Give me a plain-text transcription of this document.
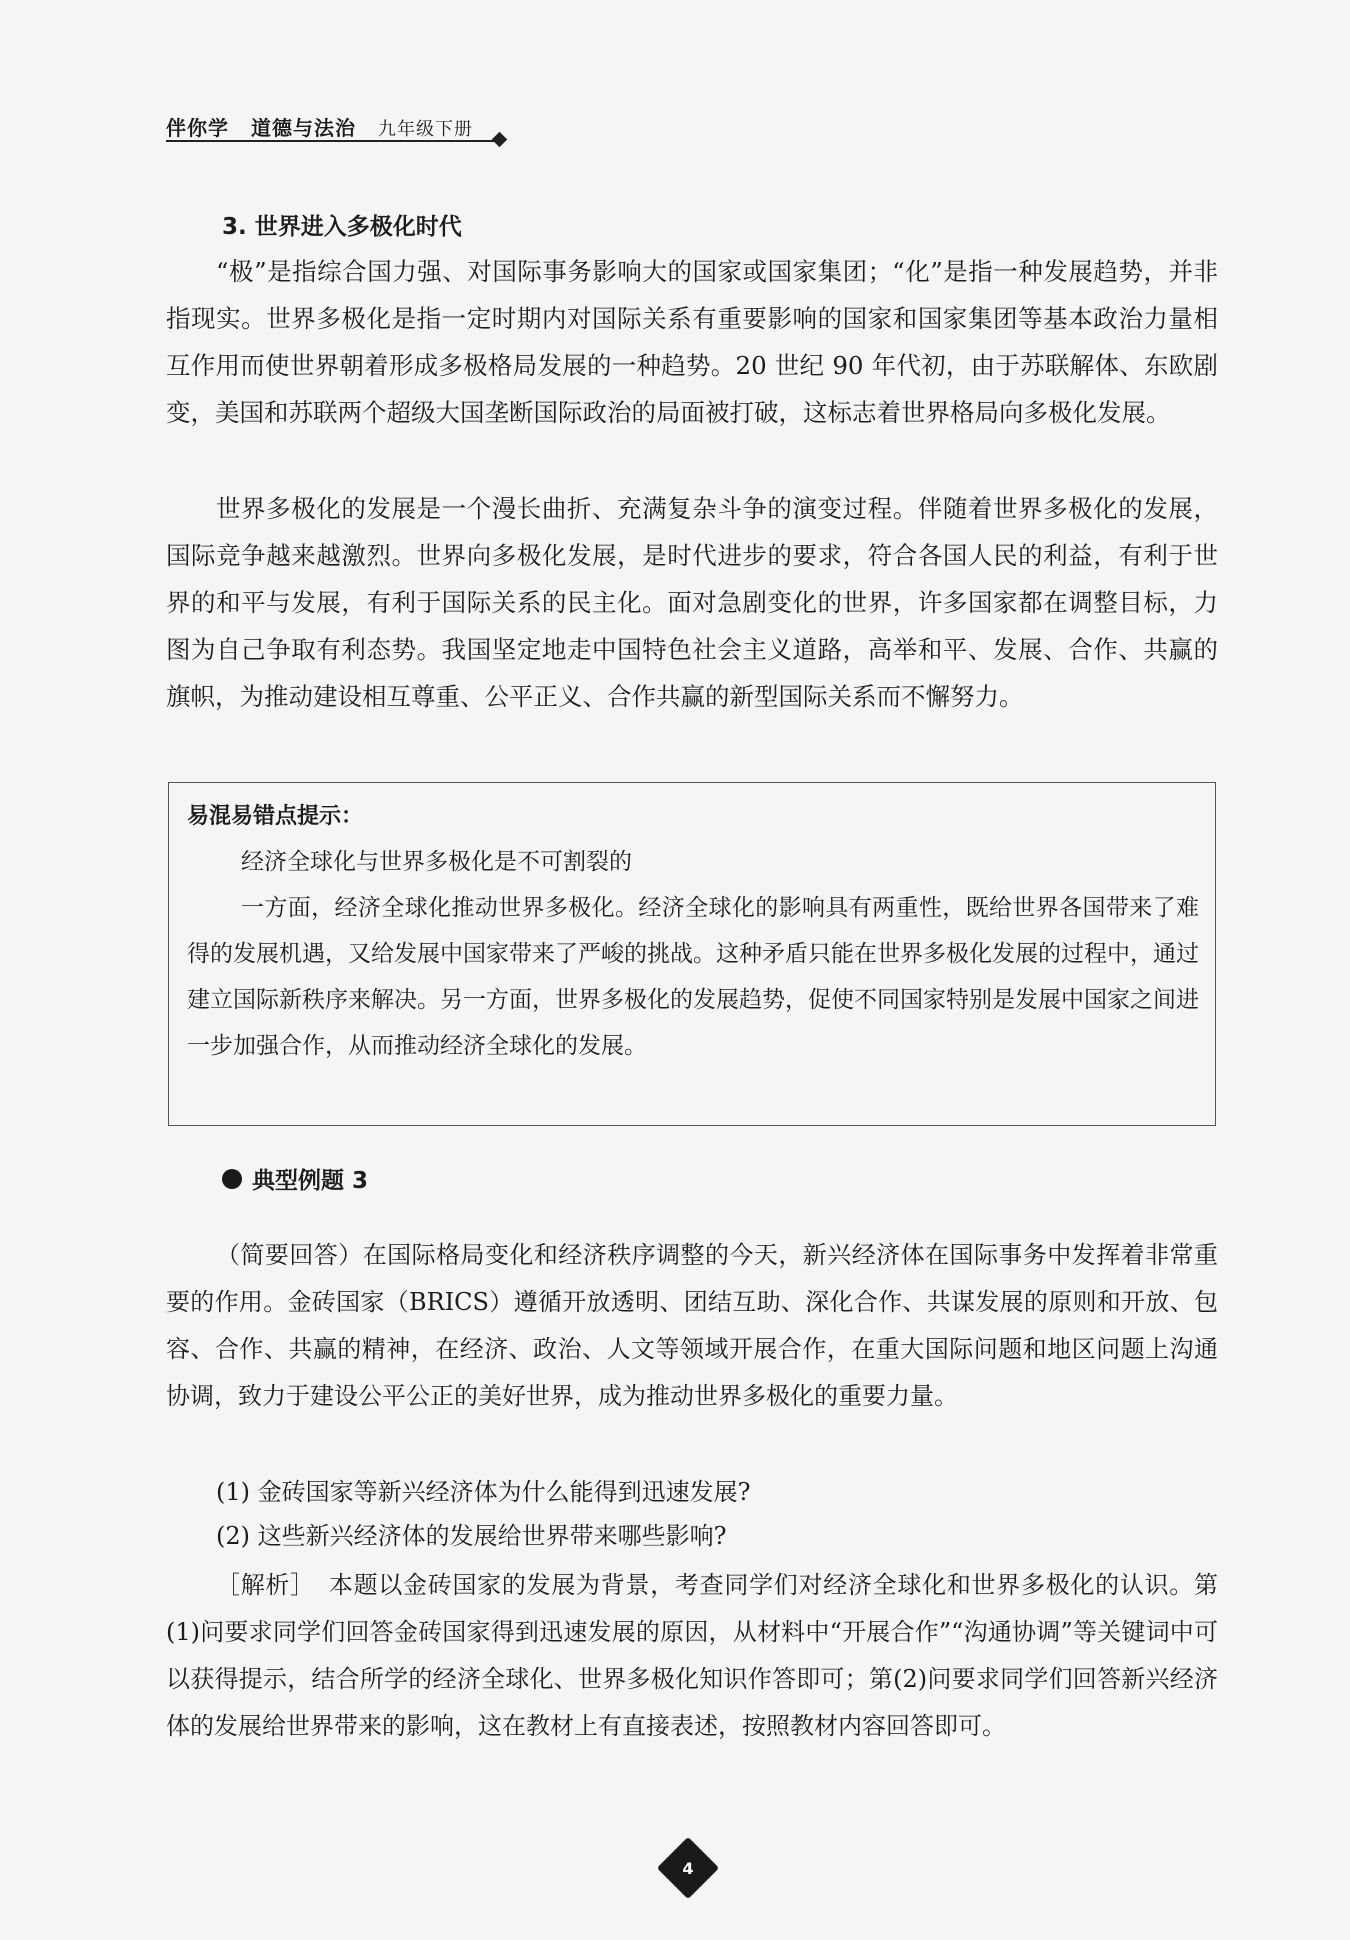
伴你学 道德与法治 九年级下册
3. 世界进入多极化时代

“极”是指综合国力强、对国际事务影响大的国家或国家集团；“化”是指一种发展趋势，并非指现实。世界多极化是指一定时期内对国际关系有重要影响的国家和国家集团等基本政治力量相互作用而使世界朝着形成多极格局发展的一种趋势。20 世纪 90 年代初，由于苏联解体、东欧剧变，美国和苏联两个超级大国垄断国际政治的局面被打破，这标志着世界格局向多极化发展。

世界多极化的发展是一个漫长曲折、充满复杂斗争的演变过程。伴随着世界多极化的发展，国际竞争越来越激烈。世界向多极化发展，是时代进步的要求，符合各国人民的利益，有利于世界的和平与发展，有利于国际关系的民主化。面对急剧变化的世界，许多国家都在调整目标，力图为自己争取有利态势。我国坚定地走中国特色社会主义道路，高举和平、发展、合作、共赢的旗帜，为推动建设相互尊重、公平正义、合作共赢的新型国际关系而不懈努力。

易混易错点提示：
经济全球化与世界多极化是不可割裂的
一方面，经济全球化推动世界多极化。经济全球化的影响具有两重性，既给世界各国带来了难得的发展机遇，又给发展中国家带来了严峻的挑战。这种矛盾只能在世界多极化发展的过程中，通过建立国际新秩序来解决。另一方面，世界多极化的发展趋势，促使不同国家特别是发展中国家之间进一步加强合作，从而推动经济全球化的发展。
典型例题 3

（简要回答）在国际格局变化和经济秩序调整的今天，新兴经济体在国际事务中发挥着非常重要的作用。金砖国家（BRICS）遵循开放透明、团结互助、深化合作、共谋发展的原则和开放、包容、合作、共赢的精神，在经济、政治、人文等领域开展合作，在重大国际问题和地区问题上沟通协调，致力于建设公平公正的美好世界，成为推动世界多极化的重要力量。

(1) 金砖国家等新兴经济体为什么能得到迅速发展?
(2) 这些新兴经济体的发展给世界带来哪些影响?

［解析］ 本题以金砖国家的发展为背景，考查同学们对经济全球化和世界多极化的认识。第(1)问要求同学们回答金砖国家得到迅速发展的原因，从材料中“开展合作”“沟通协调”等关键词中可以获得提示，结合所学的经济全球化、世界多极化知识作答即可；第(2)问要求同学们回答新兴经济体的发展给世界带来的影响，这在教材上有直接表述，按照教材内容回答即可。

4
